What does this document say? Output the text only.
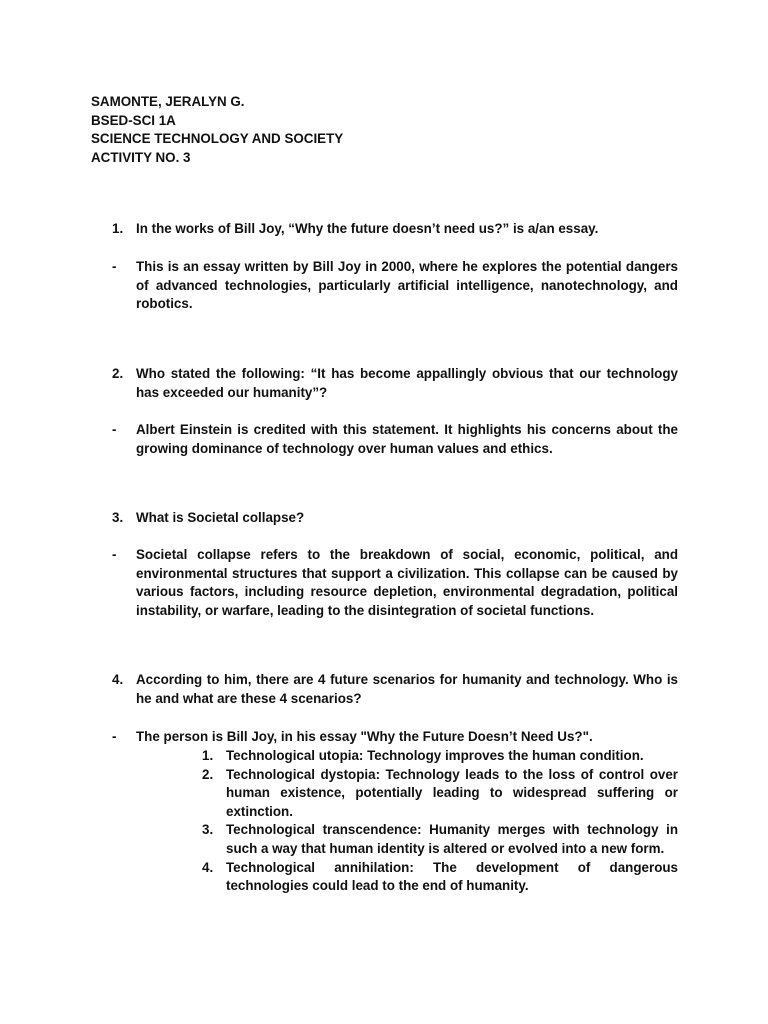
SAMONTE, JERALYN G.
BSED-SCI 1A
SCIENCE TECHNOLOGY AND SOCIETY
ACTIVITY NO. 3
1. In the works of Bill Joy, “Why the future doesn’t need us?” is a/an essay.
- This is an essay written by Bill Joy in 2000, where he explores the potential dangers of advanced technologies, particularly artificial intelligence, nanotechnology, and robotics.
2. Who stated the following: “It has become appallingly obvious that our technology has exceeded our humanity”?
- Albert Einstein is credited with this statement. It highlights his concerns about the growing dominance of technology over human values and ethics.
3. What is Societal collapse?
- Societal collapse refers to the breakdown of social, economic, political, and environmental structures that support a civilization. This collapse can be caused by various factors, including resource depletion, environmental degradation, political instability, or warfare, leading to the disintegration of societal functions.
4. According to him, there are 4 future scenarios for humanity and technology. Who is he and what are these 4 scenarios?
- The person is Bill Joy, in his essay "Why the Future Doesn’t Need Us?".
1. Technological utopia: Technology improves the human condition.
2. Technological dystopia: Technology leads to the loss of control over human existence, potentially leading to widespread suffering or extinction.
3. Technological transcendence: Humanity merges with technology in such a way that human identity is altered or evolved into a new form.
4. Technological annihilation: The development of dangerous technologies could lead to the end of humanity.
